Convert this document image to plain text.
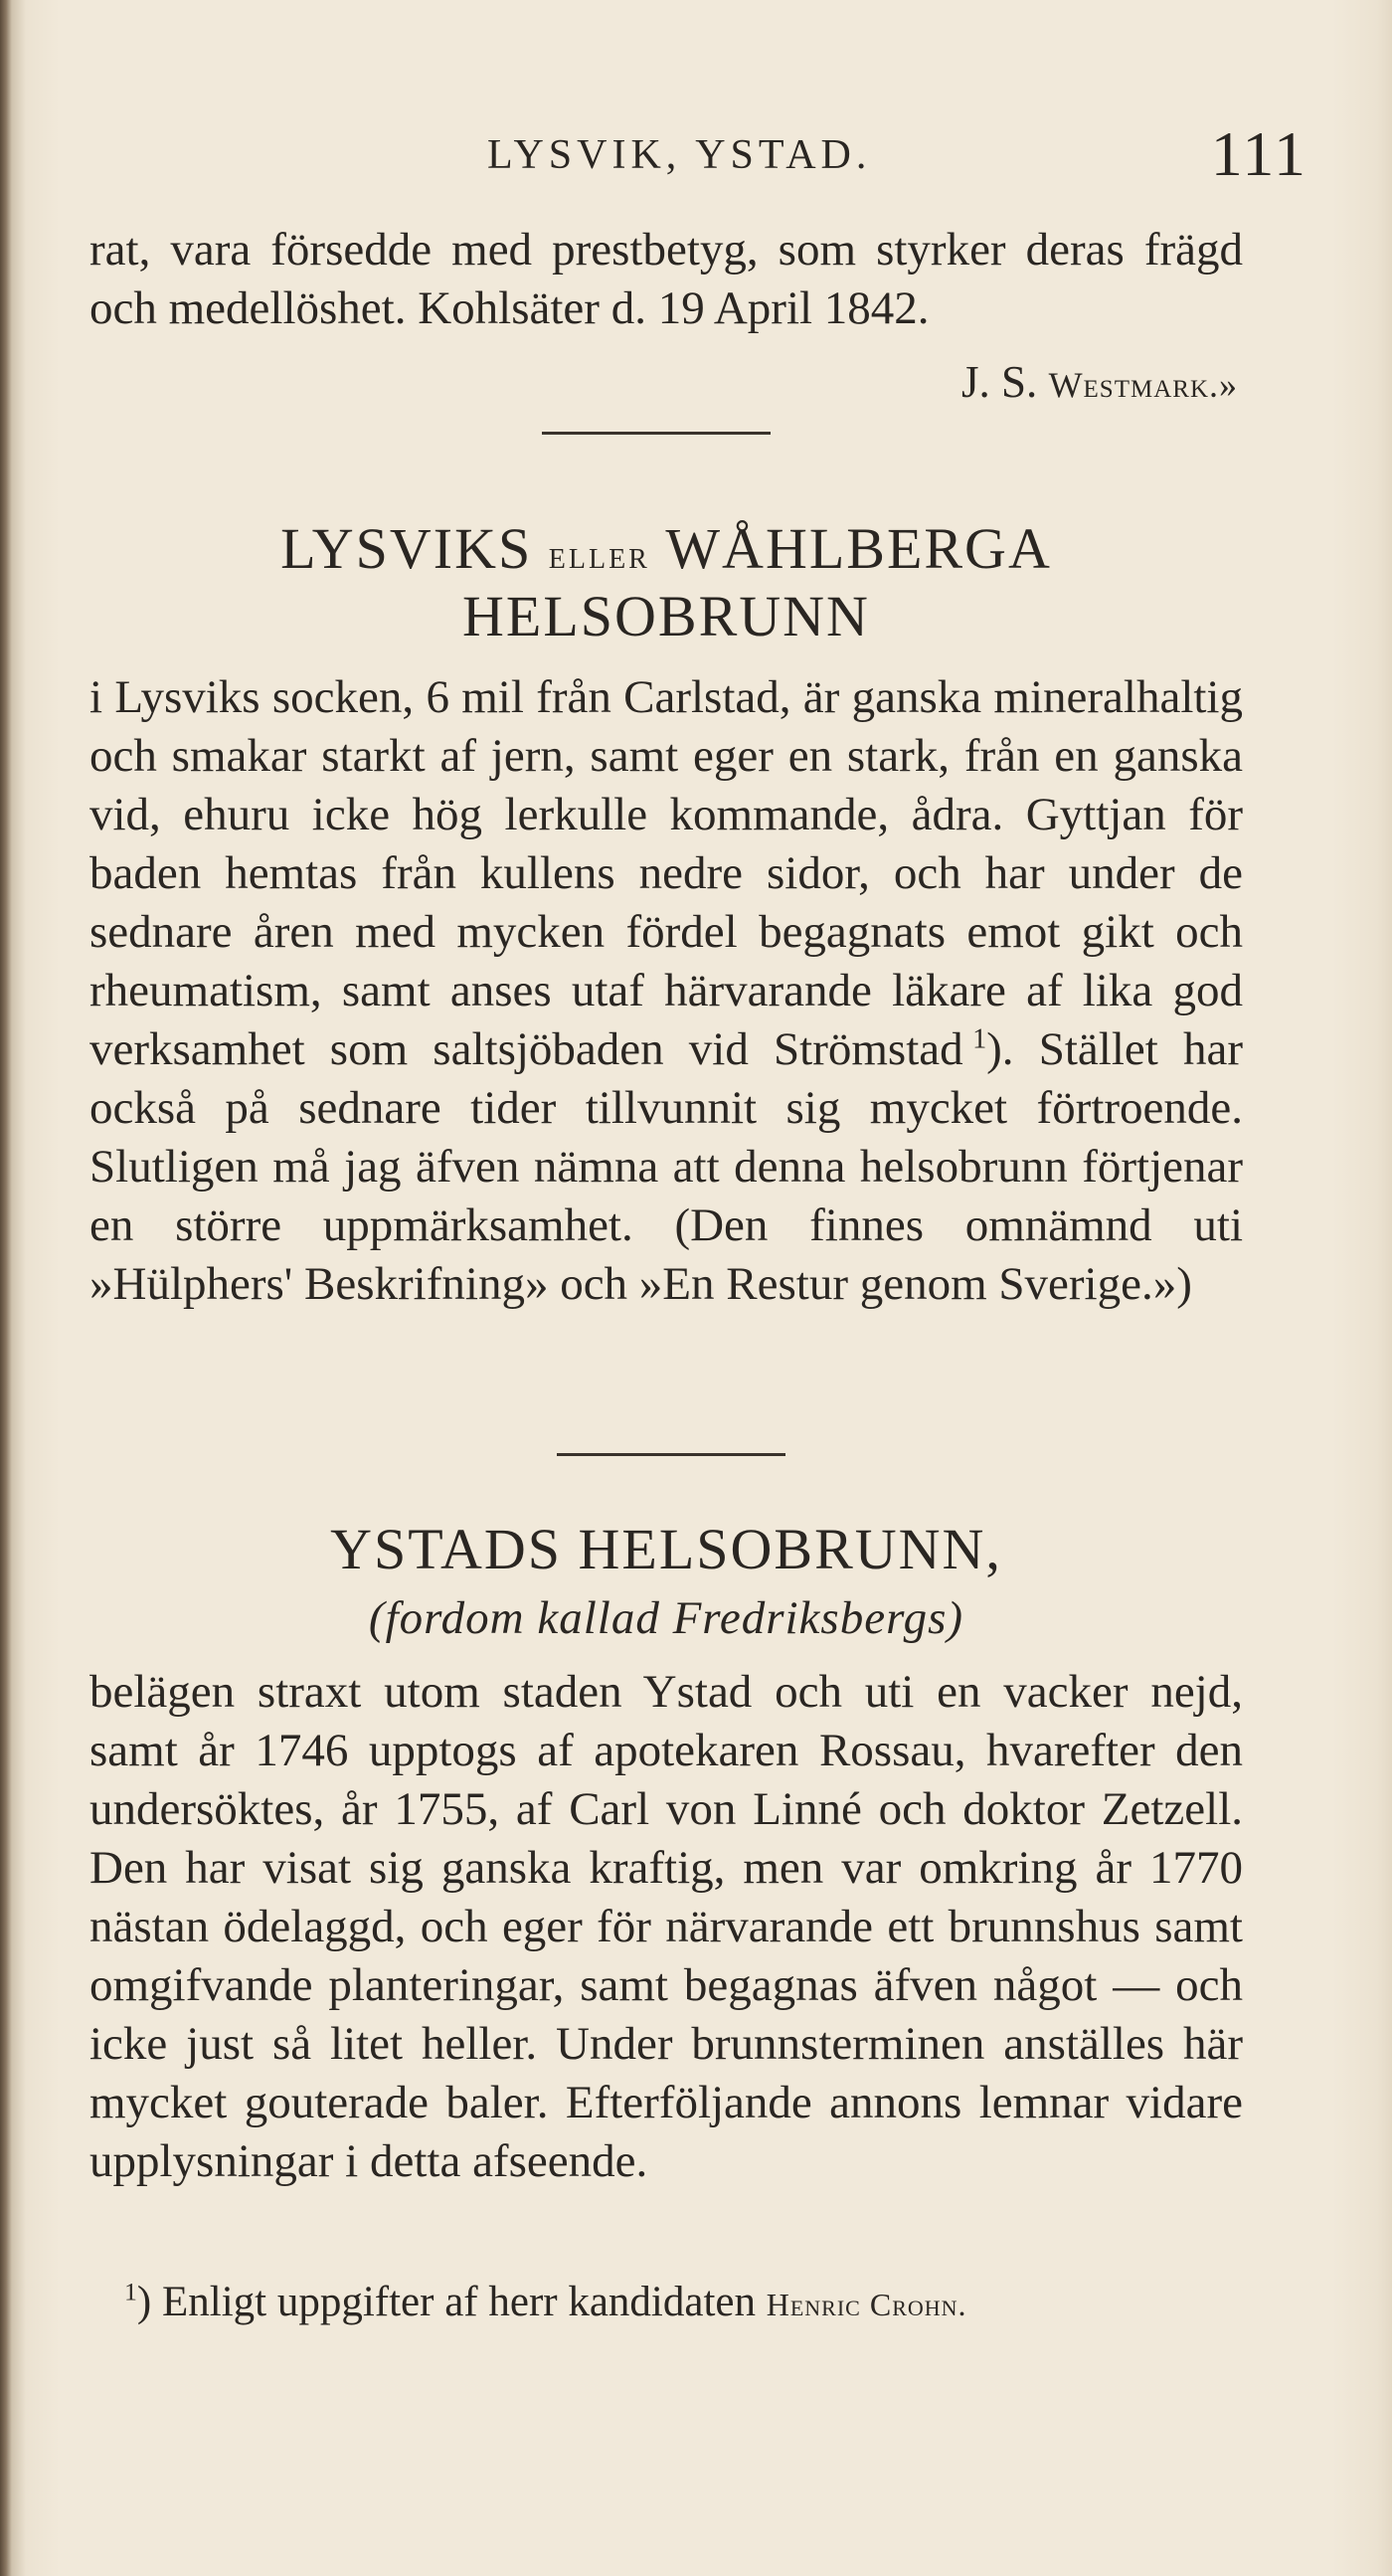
LYSVIK, YSTAD.	111
rat, vara försedde med prestbetyg, som styrker deras frägd och medellöshet. Kohlsäter d. 19 April 1842.
J. S. Westmark.»
LYSVIKS eller WÅHLBERGA
HELSOBRUNN
i Lysviks socken, 6 mil från Carlstad, är ganska mineralhaltig och smakar starkt af jern, samt eger en stark, från en ganska vid, ehuru icke hög lerkulle kommande, ådra. Gyttjan för baden hemtas från kullens nedre sidor, och har under de sednare åren med mycken fördel begagnats emot gikt och rheumatism, samt anses utaf härvarande läkare af lika god verksamhet som saltsjöbaden vid Strömstad  $^1$). Stället har också på sednare tider tillvunnit sig mycket förtroende. Slutligen må jag äfven nämna att denna helsobrunn förtjenar en större uppmärksamhet. (Den finnes omnämnd uti »Hülphers' Beskrifning» och »En Restur genom Sverige.»)
YSTADS HELSOBRUNN,
(fordom kallad Fredriksbergs)
belägen straxt utom staden Ystad och uti en vacker nejd, samt år 1746 upptogs af apotekaren Rossau, hvarefter den undersöktes, år 1755, af Carl von Linné och doktor Zetzell. Den har visat sig ganska kraftig, men var omkring år 1770 nästan ödelaggd, och eger för närvarande ett brunnshus samt omgifvande planteringar, samt begagnas äfven något — och icke just så litet heller. Under brunnsterminen anställes här mycket gouterade baler. Efterföljande annons lemnar vidare upplysningar i detta afseende.
$^1$) Enligt uppgifter af herr kandidaten Henric Crohn.
